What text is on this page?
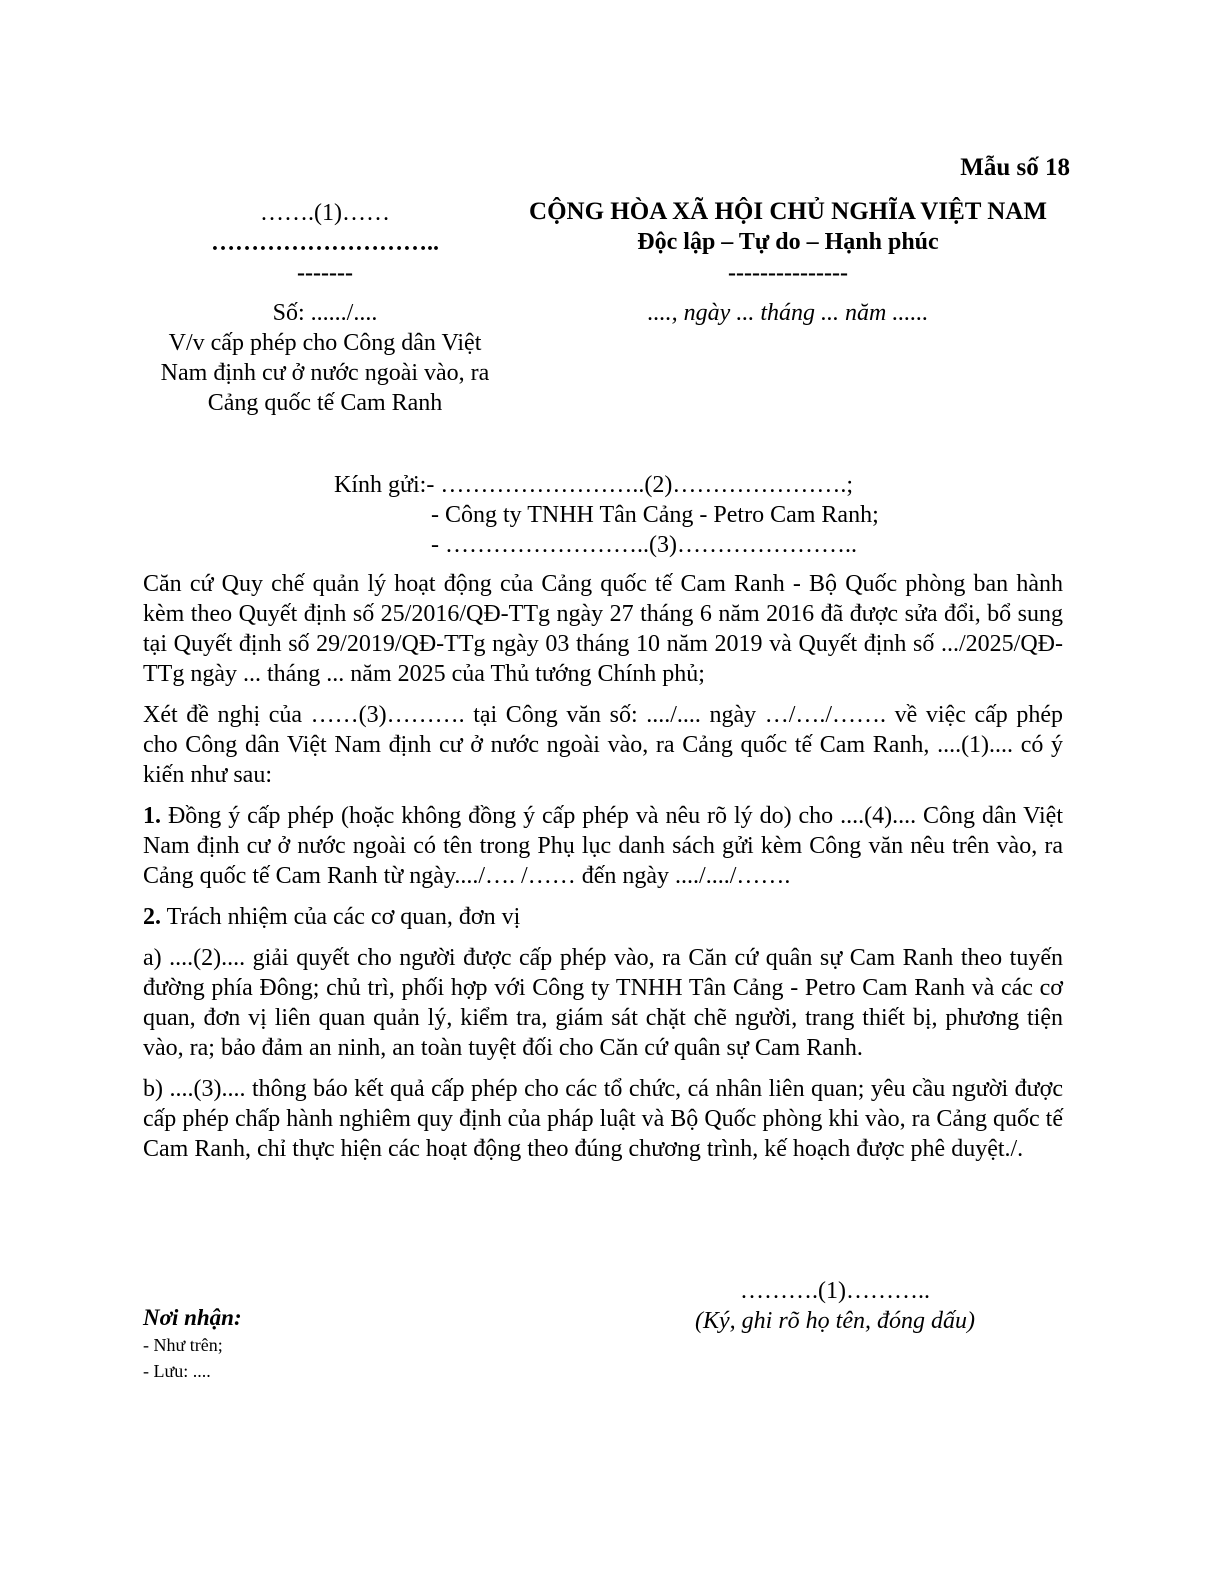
Mẫu số 18
…….(1)……
………………………..
-------
CỘNG HÒA XÃ HỘI CHỦ NGHĨA VIỆT NAM
Độc lập – Tự do – Hạnh phúc
---------------
Số: ....../....
V/v cấp phép cho Công dân Việt
Nam định cư ở nước ngoài vào, ra
Cảng quốc tế Cam Ranh
...., ngày ... tháng ... năm ......
Kính gửi:- ……………………..(2)………………….;
- Công ty TNHH Tân Cảng - Petro Cam Ranh;
- ……………………..(3)…………………..

Căn cứ Quy chế quản lý hoạt động của Cảng quốc tế Cam Ranh - Bộ Quốc phòng ban hành kèm theo Quyết định số 25/2016/QĐ-TTg ngày 27 tháng 6 năm 2016 đã được sửa đổi, bổ sung tại Quyết định số 29/2019/QĐ-TTg ngày 03 tháng 10 năm 2019 và Quyết định số .../2025/QĐ-TTg ngày ... tháng ... năm 2025 của Thủ tướng Chính phủ;

Xét đề nghị của ……(3)………. tại Công văn số: ..../.... ngày …/…./……. về việc cấp phép cho Công dân Việt Nam định cư ở nước ngoài vào, ra Cảng quốc tế Cam Ranh, ....(1).... có ý kiến như sau:

1. Đồng ý cấp phép (hoặc không đồng ý cấp phép và nêu rõ lý do) cho ....(4).... Công dân Việt Nam định cư ở nước ngoài có tên trong Phụ lục danh sách gửi kèm Công văn nêu trên vào, ra Cảng quốc tế Cam Ranh từ ngày..../…. /…… đến ngày ..../..../…….

2. Trách nhiệm của các cơ quan, đơn vị

a) ....(2).... giải quyết cho người được cấp phép vào, ra Căn cứ quân sự Cam Ranh theo tuyến đường phía Đông; chủ trì, phối hợp với Công ty TNHH Tân Cảng - Petro Cam Ranh và các cơ quan, đơn vị liên quan quản lý, kiểm tra, giám sát chặt chẽ người, trang thiết bị, phương tiện vào, ra; bảo đảm an ninh, an toàn tuyệt đối cho Căn cứ quân sự Cam Ranh.

b) ....(3).... thông báo kết quả cấp phép cho các tổ chức, cá nhân liên quan; yêu cầu người được cấp phép chấp hành nghiêm quy định của pháp luật và Bộ Quốc phòng khi vào, ra Cảng quốc tế Cam Ranh, chỉ thực hiện các hoạt động theo đúng chương trình, kế hoạch được phê duyệt./.

……….(1)………..
(Ký, ghi rõ họ tên, đóng dấu)
Nơi nhận:
- Như trên;
- Lưu: ....
